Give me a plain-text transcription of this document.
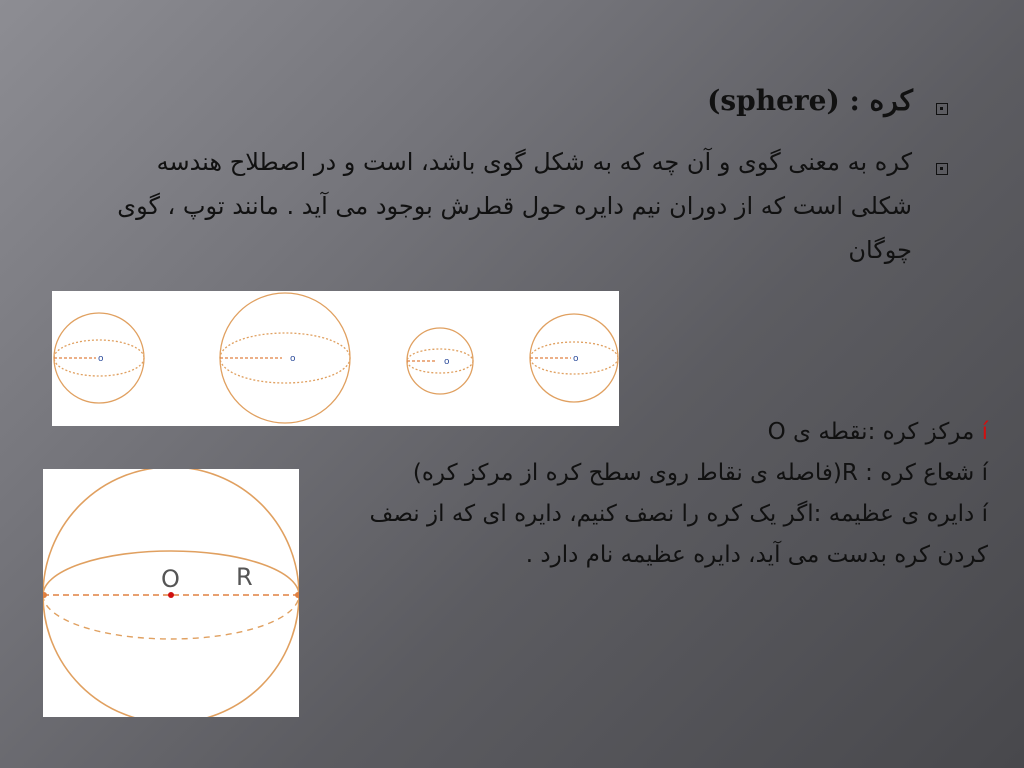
(sphere) : کره
کره به معنی گوی و آن چه که به شکل گوی باشد، است و در اصطلاح هندسه شکلی است که از دوران نیم دایره حول قطرش بوجود می آید . مانند توپ ، گوی چوگان
o	o	o	o
í مرکز کره :نقطه ی O
í شعاع کره : R(فاصله ی نقاط روی سطح کره از مرکز کره)
í دایره ی عظیمه :اگر یک کره را نصف کنیم، دایره ای که از نصف کردن کره بدست می آید، دایره عظیمه نام دارد .
O R
